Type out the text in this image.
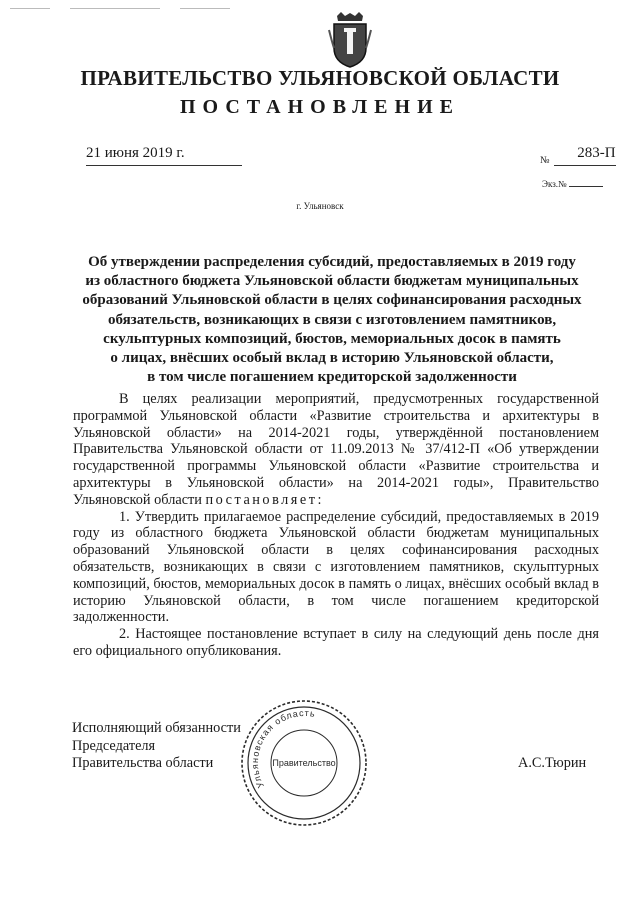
ПРАВИТЕЛЬСТВО УЛЬЯНОВСКОЙ ОБЛАСТИ
ПОСТАНОВЛЕНИЕ
21 июня 2019 г.	№ 283-П
Экз.№
г. Ульяновск
Об утверждении распределения субсидий, предоставляемых в 2019 году
из областного бюджета Ульяновской области бюджетам муниципальных
образований Ульяновской области в целях софинансирования расходных
обязательств, возникающих в связи с изготовлением памятников,
скульптурных композиций, бюстов, мемориальных досок в память
о лицах, внёсших особый вклад в историю Ульяновской области,
в том числе погашением кредиторской задолженности

В целях реализации мероприятий, предусмотренных государственной программой Ульяновской области «Развитие строительства и архитектуры в Ульяновской области» на 2014-2021 годы, утверждённой постановлением Правительства Ульяновской области от 11.09.2013 № 37/412-П «Об утверждении государственной программы Ульяновской области «Развитие строительства и архитектуры в Ульяновской области» на 2014-2021 годы», Правительство Ульяновской области постановляет:

1. Утвердить прилагаемое распределение субсидий, предоставляемых в 2019 году из областного бюджета Ульяновской области бюджетам муниципальных образований Ульяновской области в целях софинансирования расходных обязательств, возникающих в связи с изготовлением памятников, скульптурных композиций, бюстов, мемориальных досок в память о лицах, внёсших особый вклад в историю Ульяновской области, в том числе погашением кредиторской задолженности.

2. Настоящее постановление вступает в силу на следующий день после дня его официального опубликования.

Исполняющий обязанности
Председателя
Правительства области
Ульяновская область
Правительство	А.С.Тюрин
